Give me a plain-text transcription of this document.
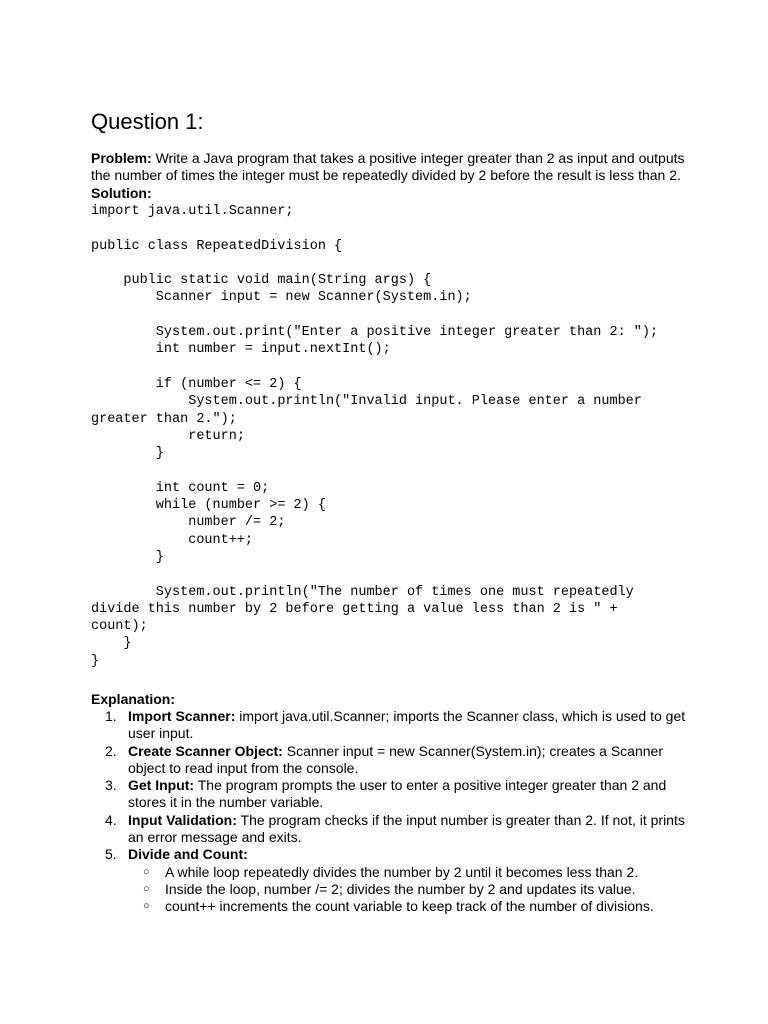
Question 1:

Problem: Write a Java program that takes a positive integer greater than 2 as input and outputs the number of times the integer must be repeatedly divided by 2 before the result is less than 2.

Solution:

import java.util.Scanner;

public class RepeatedDivision {

public static void main(String args) {
Scanner input = new Scanner(System.in);

System.out.print("Enter a positive integer greater than 2: ");
int number = input.nextInt();

if (number <= 2) {
System.out.println("Invalid input. Please enter a number
greater than 2.");
return;
}

int count = 0;
while (number >= 2) {
number /= 2;
count++;
}

System.out.println("The number of times one must repeatedly
divide this number by 2 before getting a value less than 2 is " +
count);
}
}

Explanation:

1. Import Scanner: import java.util.Scanner; imports the Scanner class, which is used to get user input.
2. Create Scanner Object: Scanner input = new Scanner(System.in); creates a Scanner object to read input from the console.
3. Get Input: The program prompts the user to enter a positive integer greater than 2 and stores it in the number variable.
4. Input Validation: The program checks if the input number is greater than 2. If not, it prints an error message and exits.
5. Divide and Count:
○ A while loop repeatedly divides the number by 2 until it becomes less than 2.
○ Inside the loop, number /= 2; divides the number by 2 and updates its value.
○ count++ increments the count variable to keep track of the number of divisions.
